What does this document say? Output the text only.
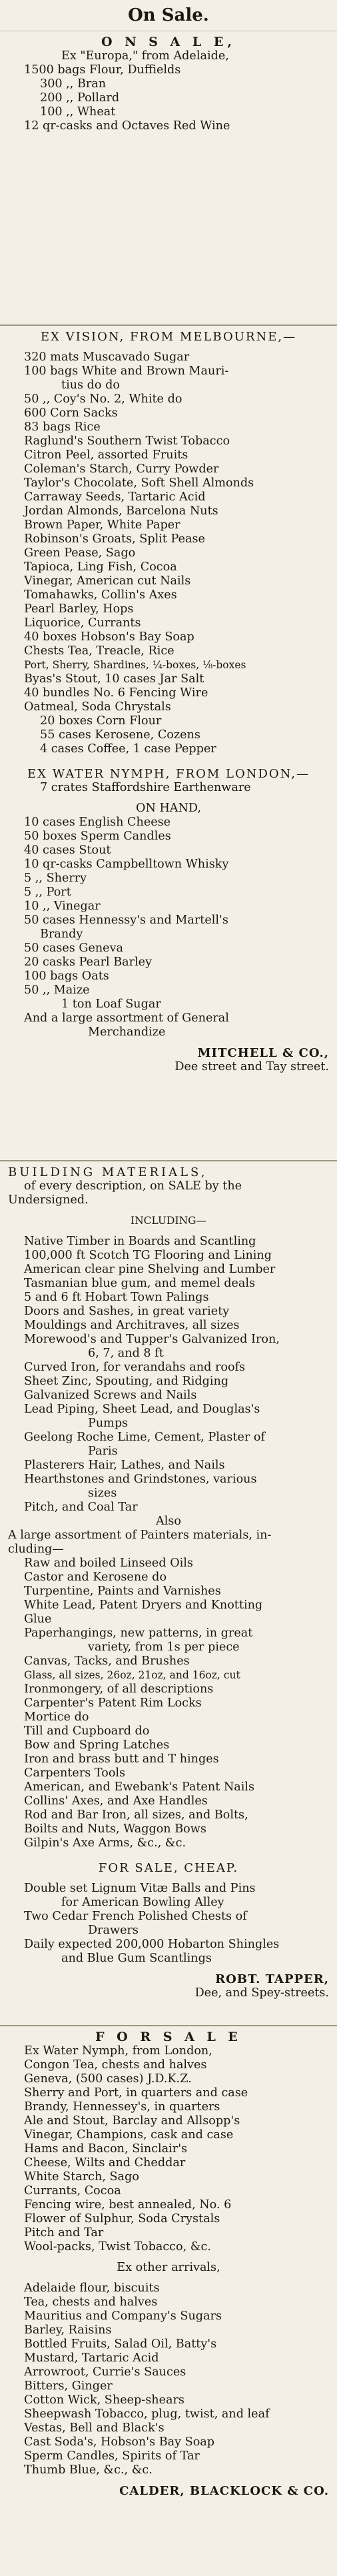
On Sale.
O N S A L E,
Ex "Europa," from Adelaide,
1500 bags Flour, Duffields
300 ,, Bran
200 ,, Pollard
100 ,, Wheat
12 qr-casks and Octaves Red Wine
EX VISION, FROM MELBOURNE,—
320 mats Muscavado Sugar
100 bags White and Brown Mauri-
tius do do
50 ,, Coy's No. 2, White do
600 Corn Sacks
83 bags Rice
Raglund's Southern Twist Tobacco
Citron Peel, assorted Fruits
Coleman's Starch, Curry Powder
Taylor's Chocolate, Soft Shell Almonds
Carraway Seeds, Tartaric Acid
Jordan Almonds, Barcelona Nuts
Brown Paper, White Paper
Robinson's Groats, Split Pease
Green Pease, Sago
Tapioca, Ling Fish, Cocoa
Vinegar, American cut Nails
Tomahawks, Collin's Axes
Pearl Barley, Hops
Liquorice, Currants
40 boxes Hobson's Bay Soap
Chests Tea, Treacle, Rice
Port, Sherry, Shardines, ¼-boxes, ⅛-boxes
Byas's Stout, 10 cases Jar Salt
40 bundles No. 6 Fencing Wire
Oatmeal, Soda Chrystals
20 boxes Corn Flour
55 cases Kerosene, Cozens
4 cases Coffee, 1 case Pepper
EX WATER NYMPH, FROM LONDON,—
7 crates Staffordshire Earthenware
ON HAND,
10 cases English Cheese
50 boxes Sperm Candles
40 cases Stout
10 qr-casks Campbelltown Whisky
5 ,, Sherry
5 ,, Port
10 ,, Vinegar
50 cases Hennessy's and Martell's
Brandy
50 cases Geneva
20 casks Pearl Barley
100 bags Oats
50 ,, Maize
1 ton Loaf Sugar
And a large assortment of General
Merchandize
MITCHELL & CO.,
Dee street and Tay street.
BUILDING MATERIALS,
of every description, on SALE by the
Undersigned.
INCLUDING—
Native Timber in Boards and Scantling
100,000 ft Scotch TG Flooring and Lining
American clear pine Shelving and Lumber
Tasmanian blue gum, and memel deals
5 and 6 ft Hobart Town Palings
Doors and Sashes, in great variety
Mouldings and Architraves, all sizes
Morewood's and Tupper's Galvanized Iron,
6, 7, and 8 ft
Curved Iron, for verandahs and roofs
Sheet Zinc, Spouting, and Ridging
Galvanized Screws and Nails
Lead Piping, Sheet Lead, and Douglas's
Pumps
Geelong Roche Lime, Cement, Plaster of
Paris
Plasterers Hair, Lathes, and Nails
Hearthstones and Grindstones, various
sizes
Pitch, and Coal Tar
Also
A large assortment of Painters materials, in-
cluding—
Raw and boiled Linseed Oils
Castor and Kerosene do
Turpentine, Paints and Varnishes
White Lead, Patent Dryers and Knotting
Glue
Paperhangings, new patterns, in great
variety, from 1s per piece
Canvas, Tacks, and Brushes
Glass, all sizes, 26oz, 21oz, and 16oz, cut
Ironmongery, of all descriptions
Carpenter's Patent Rim Locks
Mortice do
Till and Cupboard do
Bow and Spring Latches
Iron and brass butt and T hinges
Carpenters Tools
American, and Ewebank's Patent Nails
Collins' Axes, and Axe Handles
Rod and Bar Iron, all sizes, and Bolts,
Boilts and Nuts, Waggon Bows
Gilpin's Axe Arms, &c., &c.
FOR SALE, CHEAP.
Double set Lignum Vitæ Balls and Pins
for American Bowling Alley
Two Cedar French Polished Chests of
Drawers
Daily expected 200,000 Hobarton Shingles
and Blue Gum Scantlings
ROBT. TAPPER,
Dee, and Spey-streets.
F O R S A L E
Ex Water Nymph, from London,
Congon Tea, chests and halves
Geneva, (500 cases) J.D.K.Z.
Sherry and Port, in quarters and case
Brandy, Hennessey's, in quarters
Ale and Stout, Barclay and Allsopp's
Vinegar, Champions, cask and case
Hams and Bacon, Sinclair's
Cheese, Wilts and Cheddar
White Starch, Sago
Currants, Cocoa
Fencing wire, best annealed, No. 6
Flower of Sulphur, Soda Crystals
Pitch and Tar
Wool-packs, Twist Tobacco, &c.
Ex other arrivals,
Adelaide flour, biscuits
Tea, chests and halves
Mauritius and Company's Sugars
Barley, Raisins
Bottled Fruits, Salad Oil, Batty's
Mustard, Tartaric Acid
Arrowroot, Currie's Sauces
Bitters, Ginger
Cotton Wick, Sheep-shears
Sheepwash Tobacco, plug, twist, and leaf
Vestas, Bell and Black's
Cast Soda's, Hobson's Bay Soap
Sperm Candles, Spirits of Tar
Thumb Blue, &c., &c.
CALDER, BLACKLOCK & CO.
